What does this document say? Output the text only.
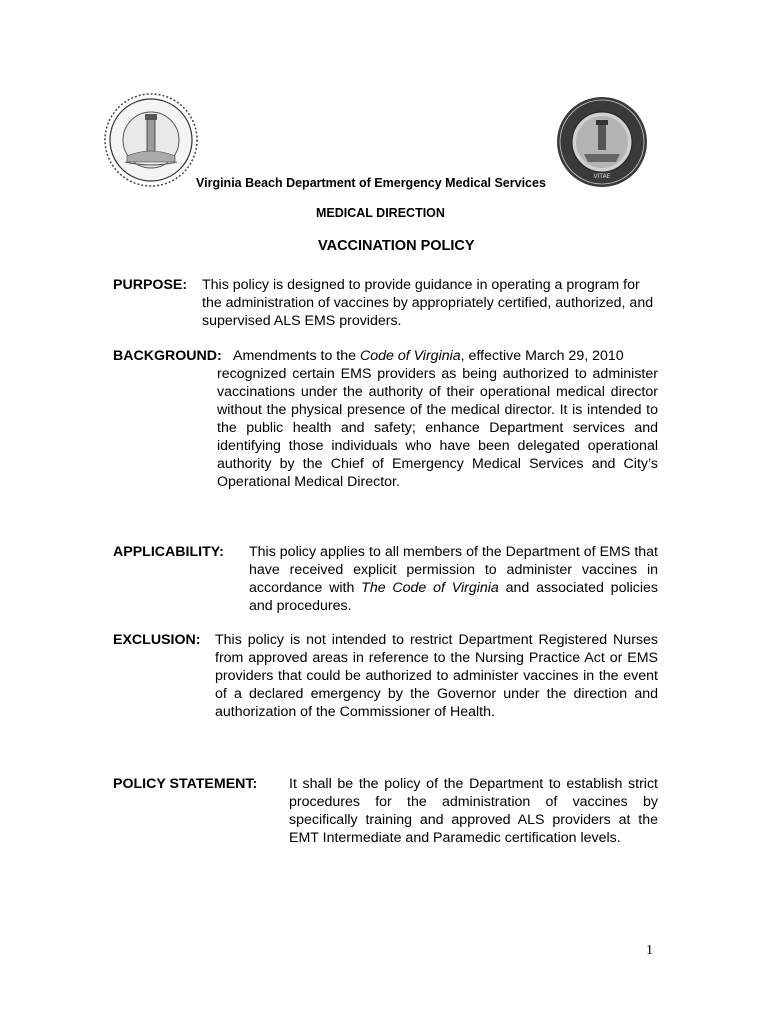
VITAE
Virginia Beach Department of Emergency Medical Services
MEDICAL DIRECTION
VACCINATION POLICY
PURPOSE: This policy is designed to provide guidance in operating a program for the administration of vaccines by appropriately certified, authorized, and supervised ALS EMS providers.
BACKGROUND: Amendments to the Code of Virginia, effective March 29, 2010
recognized certain EMS providers as being authorized to administer vaccinations under the authority of their operational medical director without the physical presence of the medical director. It is intended to the public health and safety; enhance Department services and identifying those individuals who have been delegated operational authority by the Chief of Emergency Medical Services and City’s Operational Medical Director.
APPLICABILITY: This policy applies to all members of the Department of EMS that have received explicit permission to administer vaccines in accordance with The Code of Virginia and associated policies and procedures.
EXCLUSION: This policy is not intended to restrict Department Registered Nurses from approved areas in reference to the Nursing Practice Act or EMS providers that could be authorized to administer vaccines in the event of a declared emergency by the Governor under the direction and authorization of the Commissioner of Health.
POLICY STATEMENT: It shall be the policy of the Department to establish strict procedures for the administration of vaccines by specifically training and approved ALS providers at the EMT Intermediate and Paramedic certification levels.
1
